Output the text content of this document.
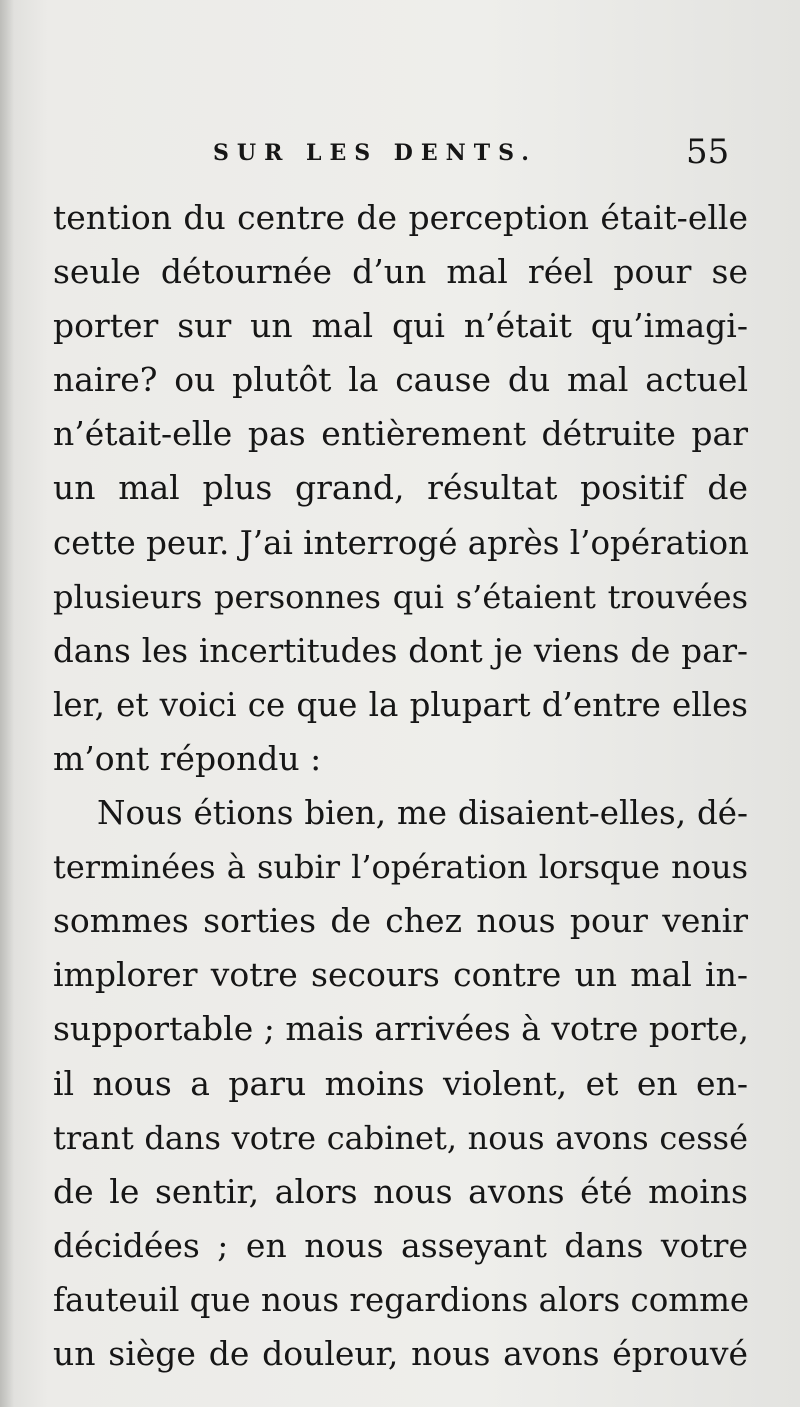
SUR LES DENTS.	55
tention du centre de perception était-elle
seule détournée d’un mal réel pour se
porter sur un mal qui n’était qu’imagi-
naire? ou plutôt la cause du mal actuel
n’était-elle pas entièrement détruite par
un mal plus grand, résultat positif de
cette peur. J’ai interrogé après l’opération
plusieurs personnes qui s’étaient trouvées
dans les incertitudes dont je viens de par-
ler, et voici ce que la plupart d’entre elles
m’ont répondu :
Nous étions bien, me disaient-elles, dé-
terminées à subir l’opération lorsque nous
sommes sorties de chez nous pour venir
implorer votre secours contre un mal in-
supportable ; mais arrivées à votre porte,
il nous a paru moins violent, et en en-
trant dans votre cabinet, nous avons cessé
de le sentir, alors nous avons été moins
décidées ; en nous asseyant dans votre
fauteuil que nous regardions alors comme
un siège de douleur, nous avons éprouvé
